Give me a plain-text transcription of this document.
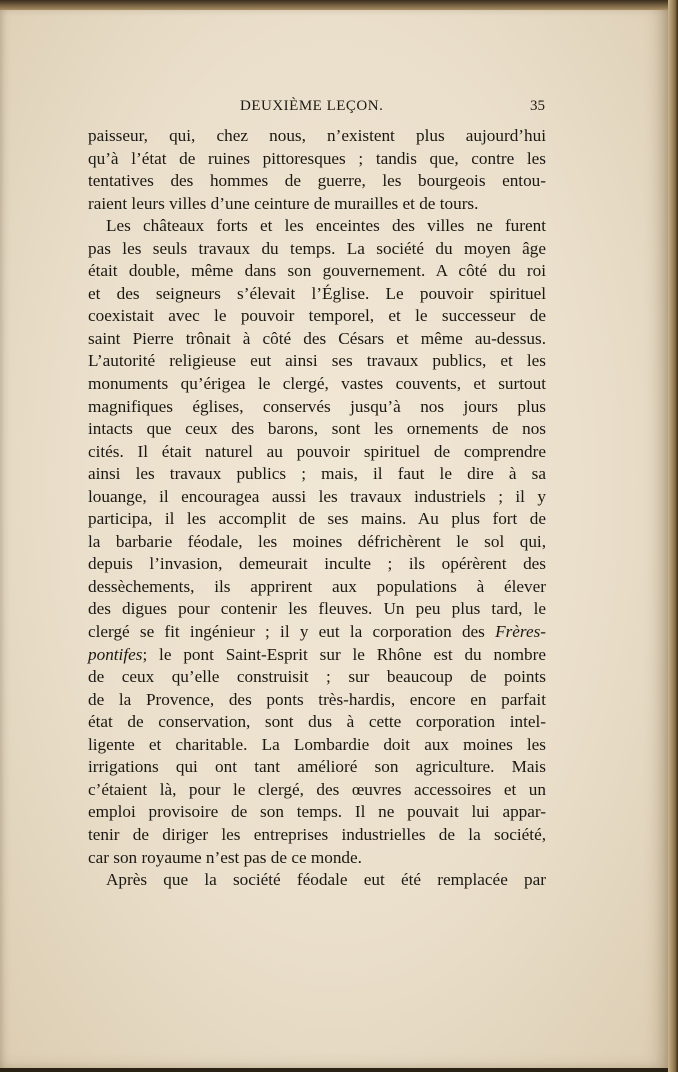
DEUXIÈME LEÇON.	35
paisseur, qui, chez nous, n’existent plus aujourd’hui
qu’à l’état de ruines pittoresques ; tandis que, contre les
tentatives des hommes de guerre, les bourgeois entou-
raient leurs villes d’une ceinture de murailles et de tours.
Les châteaux forts et les enceintes des villes ne furent
pas les seuls travaux du temps. La société du moyen âge
était double, même dans son gouvernement. A côté du roi
et des seigneurs s’élevait l’Église. Le pouvoir spirituel
coexistait avec le pouvoir temporel, et le successeur de
saint Pierre trônait à côté des Césars et même au-dessus.
L’autorité religieuse eut ainsi ses travaux publics, et les
monuments qu’érigea le clergé, vastes couvents, et surtout
magnifiques églises, conservés jusqu’à nos jours plus
intacts que ceux des barons, sont les ornements de nos
cités. Il était naturel au pouvoir spirituel de comprendre
ainsi les travaux publics ; mais, il faut le dire à sa
louange, il encouragea aussi les travaux industriels ; il y
participa, il les accomplit de ses mains. Au plus fort de
la barbarie féodale, les moines défrichèrent le sol qui,
depuis l’invasion, demeurait inculte ; ils opérèrent des
dessèchements, ils apprirent aux populations à élever
des digues pour contenir les fleuves. Un peu plus tard, le
clergé se fit ingénieur ; il y eut la corporation des Frères-
pontifes; le pont Saint-Esprit sur le Rhône est du nombre
de ceux qu’elle construisit ; sur beaucoup de points
de la Provence, des ponts très-hardis, encore en parfait
état de conservation, sont dus à cette corporation intel-
ligente et charitable. La Lombardie doit aux moines les
irrigations qui ont tant amélioré son agriculture. Mais
c’étaient là, pour le clergé, des œuvres accessoires et un
emploi provisoire de son temps. Il ne pouvait lui appar-
tenir de diriger les entreprises industrielles de la société,
car son royaume n’est pas de ce monde.
Après que la société féodale eut été remplacée par
